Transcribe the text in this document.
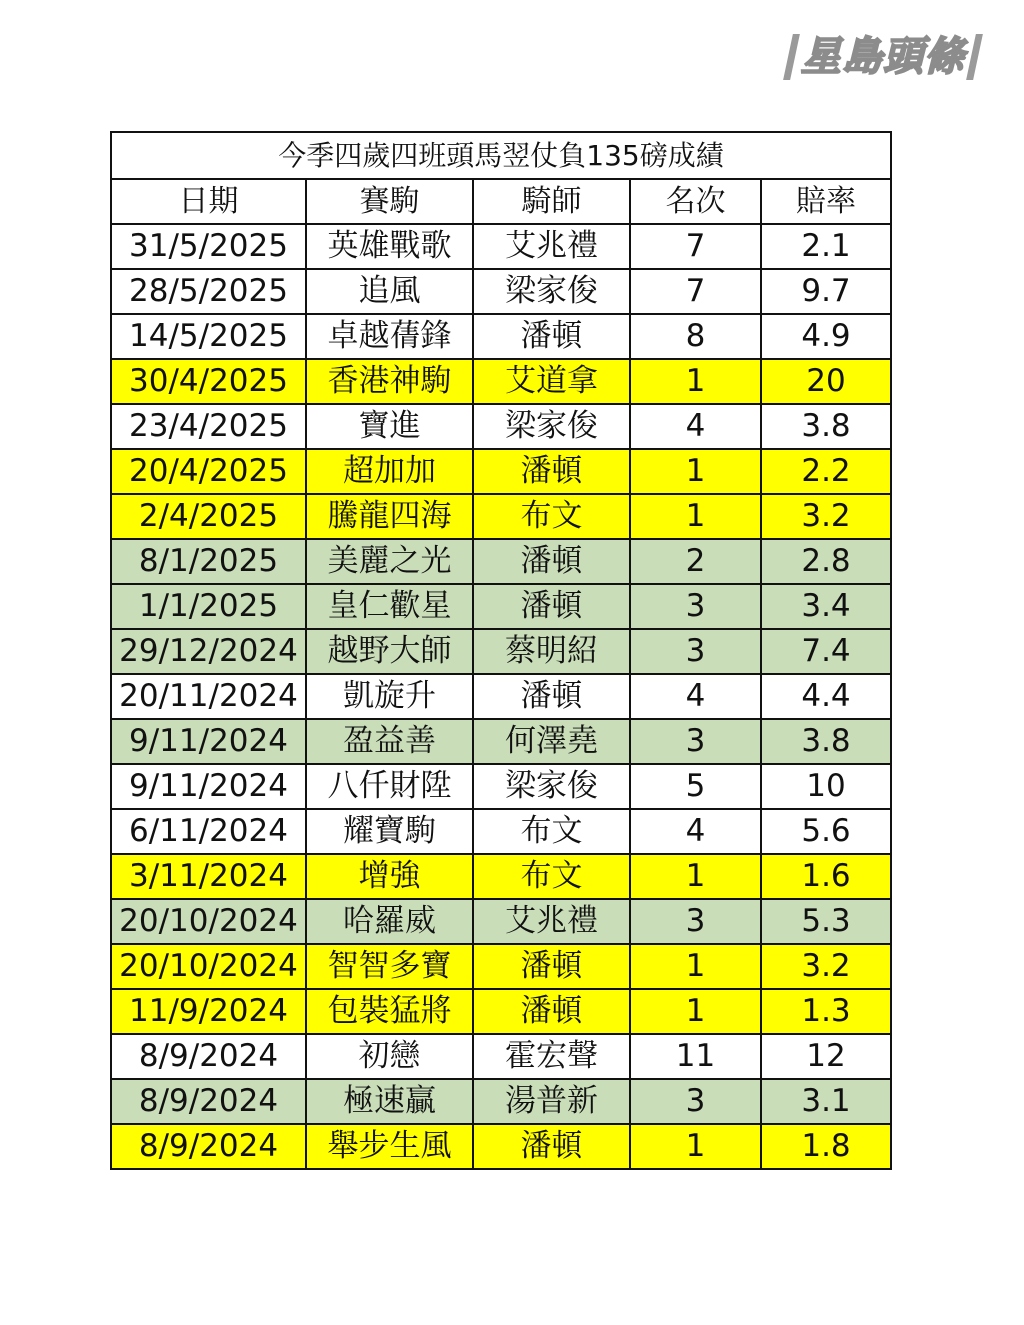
星島頭條
今季四歲四班頭馬翌仗負135磅成績				
日期	賽駒	騎師	名次	賠率
31/5/2025	英雄戰歌	艾兆禮	7	2.1
28/5/2025	追風	梁家俊	7	9.7
14/5/2025	卓越蒨鋒	潘頓	8	4.9
30/4/2025	香港神駒	艾道拿	1	20
23/4/2025	寶進	梁家俊	4	3.8
20/4/2025	超加加	潘頓	1	2.2
2/4/2025	騰龍四海	布文	1	3.2
8/1/2025	美麗之光	潘頓	2	2.8
1/1/2025	皇仁歡星	潘頓	3	3.4
29/12/2024	越野大師	蔡明紹	3	7.4
20/11/2024	凱旋升	潘頓	4	4.4
9/11/2024	盈益善	何澤堯	3	3.8
9/11/2024	八仟財陞	梁家俊	5	10
6/11/2024	耀寶駒	布文	4	5.6
3/11/2024	增強	布文	1	1.6
20/10/2024	哈羅威	艾兆禮	3	5.3
20/10/2024	智智多寶	潘頓	1	3.2
11/9/2024	包裝猛將	潘頓	1	1.3
8/9/2024	初戀	霍宏聲	11	12
8/9/2024	極速贏	湯普新	3	3.1
8/9/2024	舉步生風	潘頓	1	1.8
